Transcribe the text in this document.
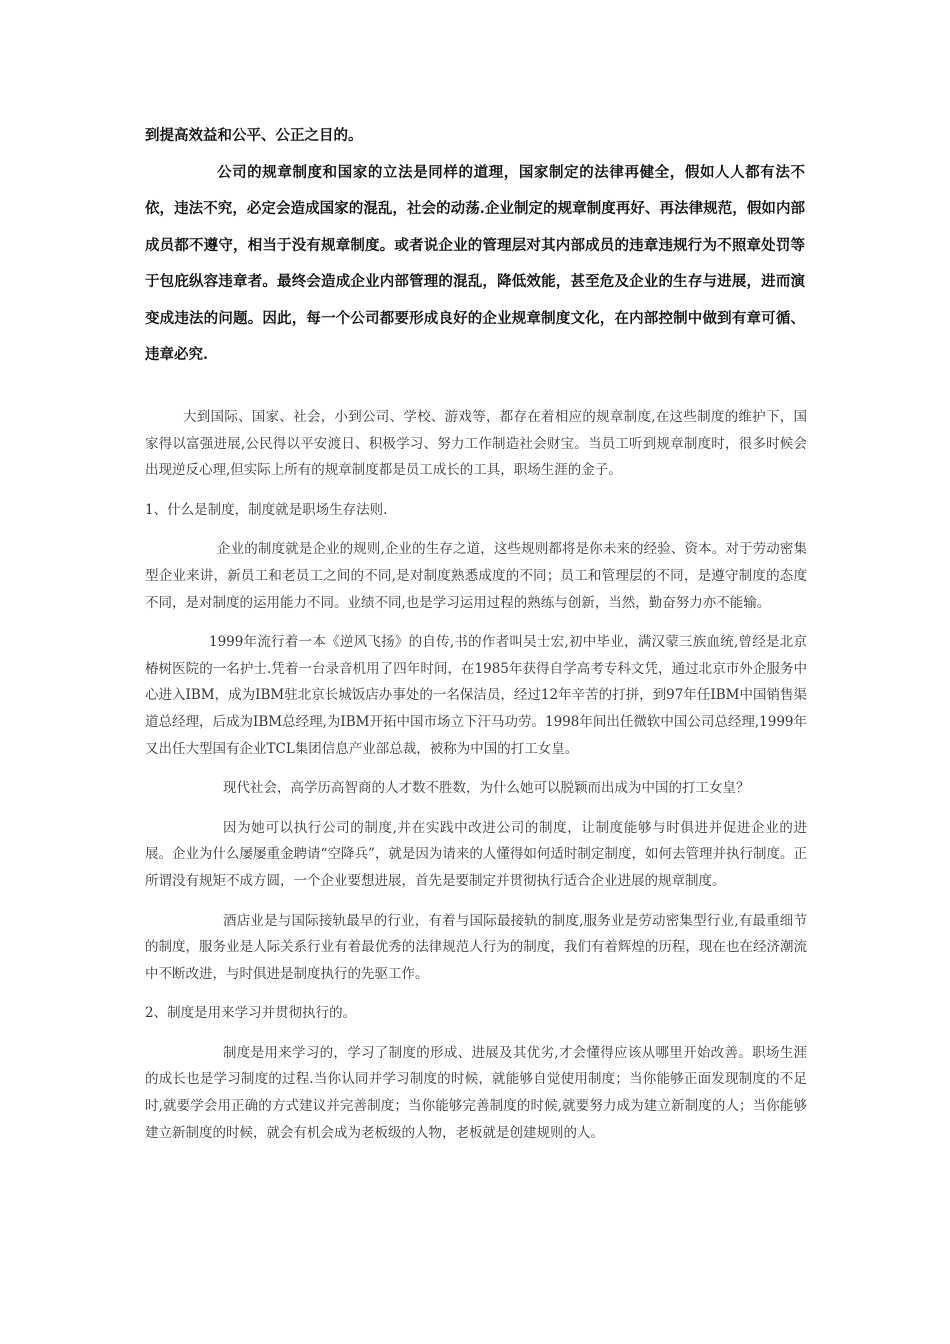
到提高效益和公平、公正之目的。

公司的规章制度和国家的立法是同样的道理，国家制定的法律再健全，假如人人都有法不依，违法不究，必定会造成国家的混乱，社会的动荡.企业制定的规章制度再好、再法律规范，假如内部成员都不遵守，相当于没有规章制度。或者说企业的管理层对其内部成员的违章违规行为不照章处罚等于包庇纵容违章者。最终会造成企业内部管理的混乱，降低效能，甚至危及企业的生存与进展，进而演变成违法的问题。因此，每一个公司都要形成良好的企业规章制度文化，在内部控制中做到有章可循、违章必究.

大到国际、国家、社会，小到公司、学校、游戏等，都存在着相应的规章制度,在这些制度的维护下，国家得以富强进展,公民得以平安渡日、积极学习、努力工作制造社会财宝。当员工听到规章制度时，很多时候会出现逆反心理,但实际上所有的规章制度都是员工成长的工具，职场生涯的金子。

1、什么是制度，制度就是职场生存法则.

企业的制度就是企业的规则,企业的生存之道，这些规则都将是你未来的经验、资本。对于劳动密集型企业来讲，新员工和老员工之间的不同,是对制度熟悉成度的不同；员工和管理层的不同，是遵守制度的态度不同，是对制度的运用能力不同。业绩不同,也是学习运用过程的熟练与创新，当然，勤奋努力亦不能输。

1999年流行着一本《逆风飞扬》的自传,书的作者叫吴士宏,初中毕业，满汉蒙三族血统,曾经是北京椿树医院的一名护士.凭着一台录音机用了四年时间，在1985年获得自学高考专科文凭，通过北京市外企服务中心进入IBM，成为IBM驻北京长城饭店办事处的一名保洁员，经过12年辛苦的打拼，到97年任IBM中国销售渠道总经理，后成为IBM总经理,为IBM开拓中国市场立下汗马功劳。1998年间出任微软中国公司总经理,1999年又出任大型国有企业TCL集团信息产业部总裁，被称为中国的打工女皇。

现代社会，高学历高智商的人才数不胜数，为什么她可以脱颖而出成为中国的打工女皇？

因为她可以执行公司的制度,并在实践中改进公司的制度，让制度能够与时俱进并促进企业的进展。企业为什么屡屡重金聘请“空降兵”，就是因为请来的人懂得如何适时制定制度，如何去管理并执行制度。正所谓没有规矩不成方圆，一个企业要想进展，首先是要制定并贯彻执行适合企业进展的规章制度。

酒店业是与国际接轨最早的行业，有着与国际最接轨的制度,服务业是劳动密集型行业,有最重细节的制度，服务业是人际关系行业有着最优秀的法律规范人行为的制度，我们有着辉煌的历程，现在也在经济潮流中不断改进，与时俱进是制度执行的先驱工作。

2、制度是用来学习并贯彻执行的。

制度是用来学习的，学习了制度的形成、进展及其优劣,才会懂得应该从哪里开始改善。职场生涯的成长也是学习制度的过程.当你认同并学习制度的时候，就能够自觉使用制度；当你能够正面发现制度的不足时,就要学会用正确的方式建议并完善制度；当你能够完善制度的时候,就要努力成为建立新制度的人；当你能够建立新制度的时候，就会有机会成为老板级的人物，老板就是创建规则的人。
